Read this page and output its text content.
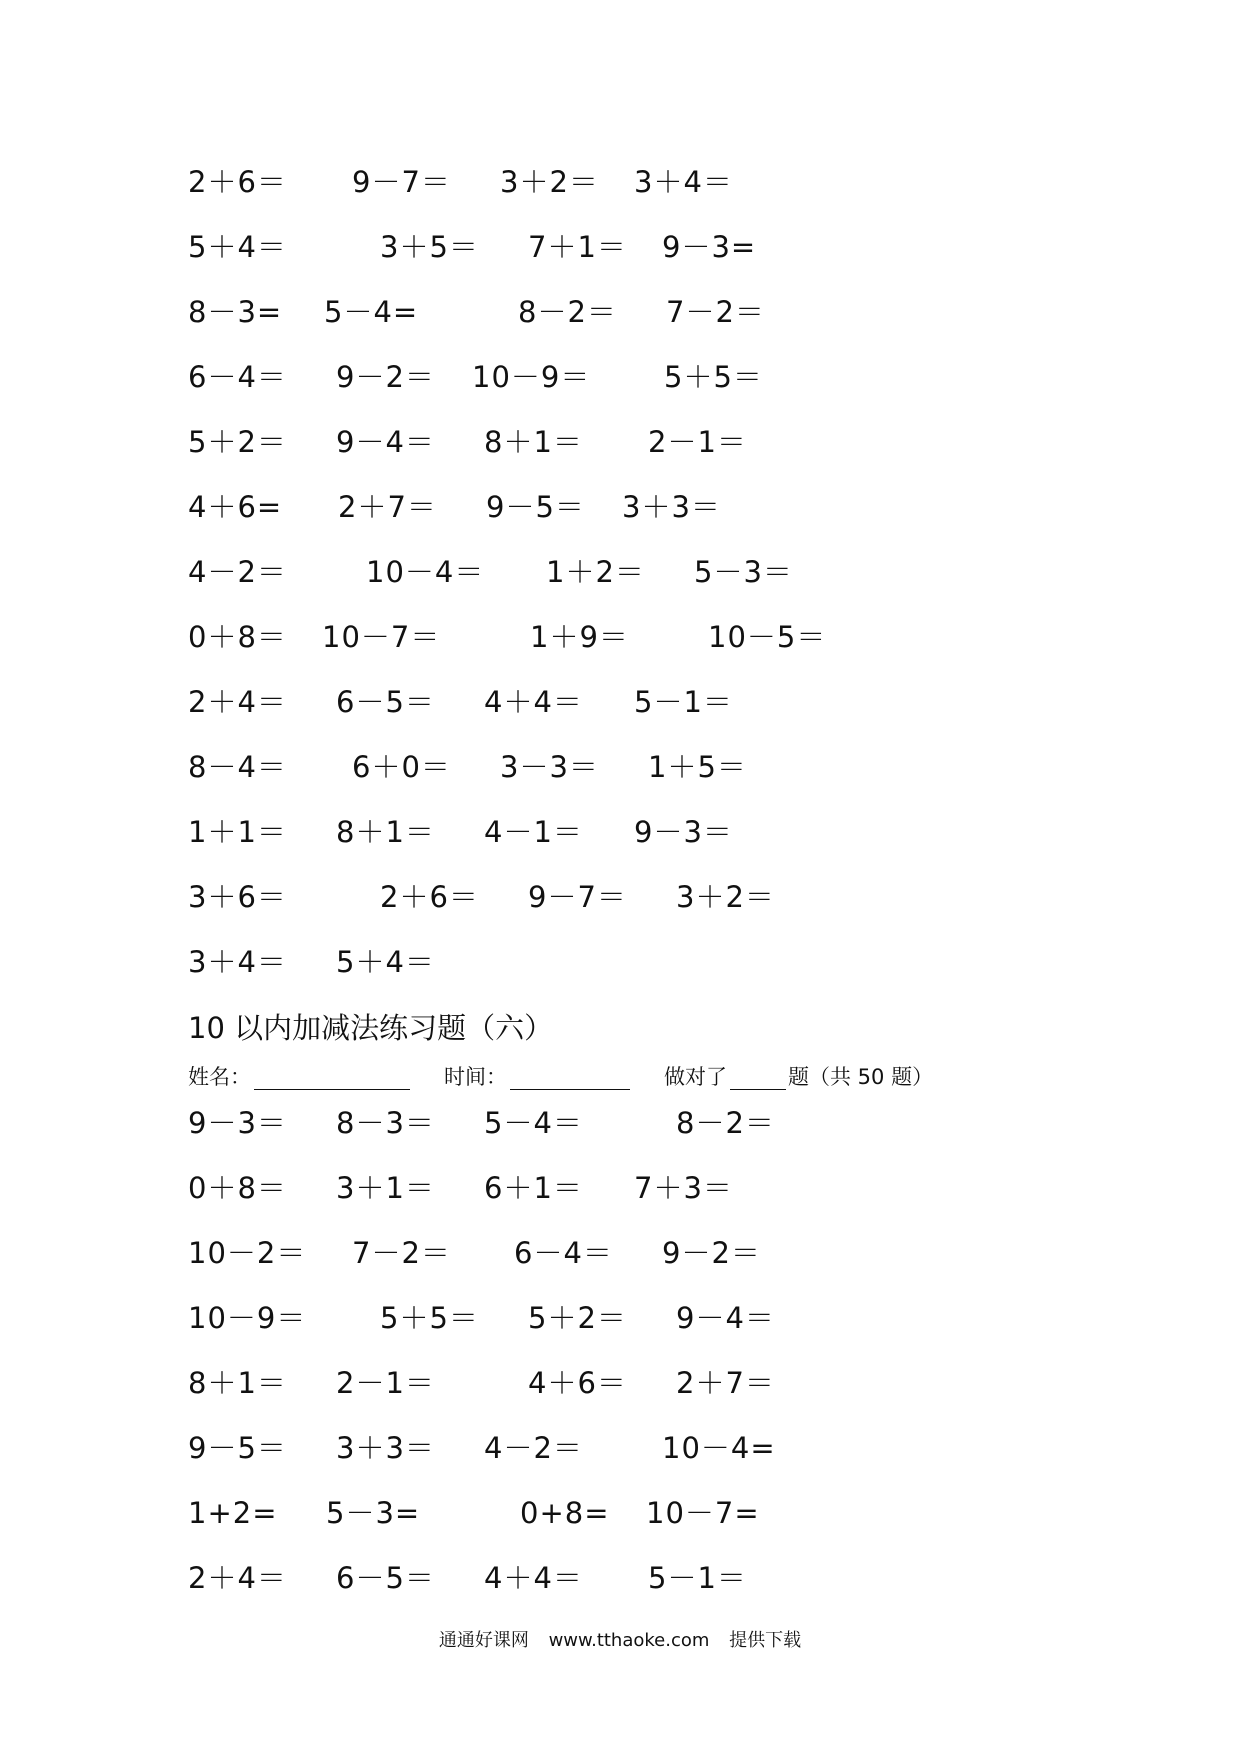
2＋6＝ 9－7＝ 3＋2＝ 3＋4＝
5＋4＝	3＋5＝ 7＋1＝ 9－3=
8－3= 5－4=	8－2＝ 7－2＝
6－4＝ 9－2＝ 10－9＝	5＋5＝
5＋2＝ 9－4＝ 8＋1＝ 2－1＝
4＋6= 2＋7＝ 9－5＝ 3＋3＝
4－2＝	10－4＝ 1＋2＝ 5－3＝
0＋8＝ 10－7＝	1＋9＝	10－5＝
2＋4＝ 6－5＝ 4＋4＝ 5－1＝
8－4＝ 6＋0＝ 3－3＝ 1＋5＝
1＋1＝ 8＋1＝ 4－1＝ 9－3＝
3＋6＝	2＋6＝ 9－7＝ 3＋2＝
3＋4＝ 5＋4＝
10 以内加减法练习题（六）
姓名：	时间：	做对了	题（共 50 题）
9－3＝ 8－3＝ 5－4＝	8－2＝
0＋8＝ 3＋1＝ 6＋1＝ 7＋3＝
10－2＝ 7－2＝ 6－4＝ 9－2＝
10－9＝	5＋5＝ 5＋2＝ 9－4＝
8＋1＝ 2－1＝	4＋6＝ 2＋7＝
9－5＝ 3＋3＝ 4－2＝	10－4=
1+2= 5－3=	0+8= 10－7=
2＋4＝ 6－5＝ 4＋4＝ 5－1＝
通通好课网 www.tthaoke.com 提供下载
